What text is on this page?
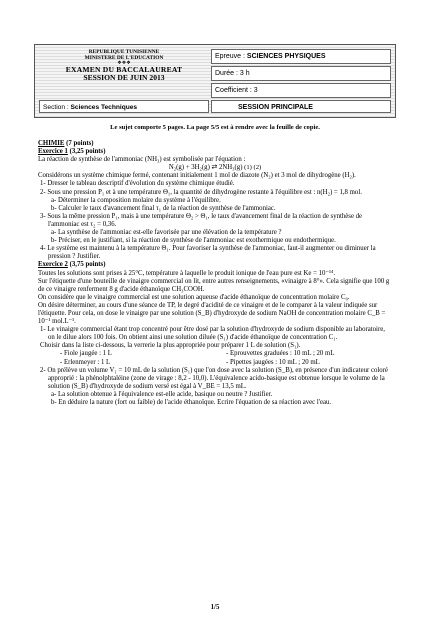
REPUBLIQUE TUNISIENNE
MINISTERE DE L'EDUCATION
❖❖❖
EXAMEN DU BACCALAUREAT
SESSION DE JUIN 2013
Epreuve : SCIENCES PHYSIQUES
Durée : 3 h
Coefficient : 3
Section : Sciences Techniques	SESSION PRINCIPALE
Le sujet comporte 5 pages. La page 5/5 est à rendre avec la feuille de copie.

CHIMIE (7 points)

Exercice 1 (3,25 points)

La réaction de synthèse de l'ammoniac (NH₃) est symbolisée par l'équation :

N₂(g) + 3H₂(g) ⇄ 2NH₃(g) (1) (2)

Considérons un système chimique fermé, contenant initialement 1 mol de diazote (N₂) et 3 mol de dihydrogène (H₂).

1- Dresser le tableau descriptif d'évolution du système chimique étudié.

2- Sous une pression P₁ et à une température Θ₁, la quantité de dihydrogène restante à l'équilibre est : n(H₂) = 1,8 mol.

a- Déterminer la composition molaire du système à l'équilibre.

b- Calculer le taux d'avancement final τ₁ de la réaction de synthèse de l'ammoniac.

3- Sous la même pression P₁, mais à une température Θ₂ > Θ₁, le taux d'avancement final de la réaction de synthèse de l'ammoniac est τ₂ = 0,36.

a- La synthèse de l'ammoniac est-elle favorisée par une élévation de la température ?

b- Préciser, en le justifiant, si la réaction de synthèse de l'ammoniac est exothermique ou endothermique.

4- Le système est maintenu à la température Θ₁. Pour favoriser la synthèse de l'ammoniac, faut-il augmenter ou diminuer la pression ? Justifier.

Exercice 2 (3,75 points)

Toutes les solutions sont prises à 25°C, température à laquelle le produit ionique de l'eau pure est Ke = 10⁻¹⁴.

Sur l'étiquette d'une bouteille de vinaigre commercial on lit, entre autres renseignements, «vinaigre à 8°». Cela signifie que 100 g de ce vinaigre renferment 8 g d'acide éthanoïque CH₃COOH.

On considère que le vinaigre commercial est une solution aqueuse d'acide éthanoïque de concentration molaire C₀.

On désire déterminer, au cours d'une séance de TP, le degré d'acidité de ce vinaigre et de le comparer à la valeur indiquée sur l'étiquette. Pour cela, on dose le vinaigre par une solution (S_B) d'hydroxyde de sodium NaOH de concentration molaire C_B = 10⁻¹ mol.L⁻¹.

1- Le vinaigre commercial étant trop concentré pour être dosé par la solution d'hydroxyde de sodium disponible au laboratoire, on le dilue alors 100 fois. On obtient ainsi une solution diluée (S₁) d'acide éthanoïque de concentration C₁.

Choisir dans la liste ci-dessous, la verrerie la plus appropriée pour préparer 1 L de solution (S₁).

- Fiole jaugée : 1 L	- Eprouvettes graduées : 10 mL ; 20 mL
- Erlenmeyer : 1 L	- Pipettes jaugées : 10 mL ; 20 mL

2- On prélève un volume V₁ = 10 mL de la solution (S₁) que l'on dose avec la solution (S_B), en présence d'un indicateur coloré approprié : la phénolphtaléine (zone de virage : 8,2 - 10,0). L'équivalence acido-basique est obtenue lorsque le volume de la solution (S_B) d'hydroxyde de sodium versé est égal à V_BE = 13,5 mL.

a- La solution obtenue à l'équivalence est-elle acide, basique ou neutre ? Justifier.

b- En déduire la nature (fort ou faible) de l'acide éthanoïque. Ecrire l'équation de sa réaction avec l'eau.

1/5
